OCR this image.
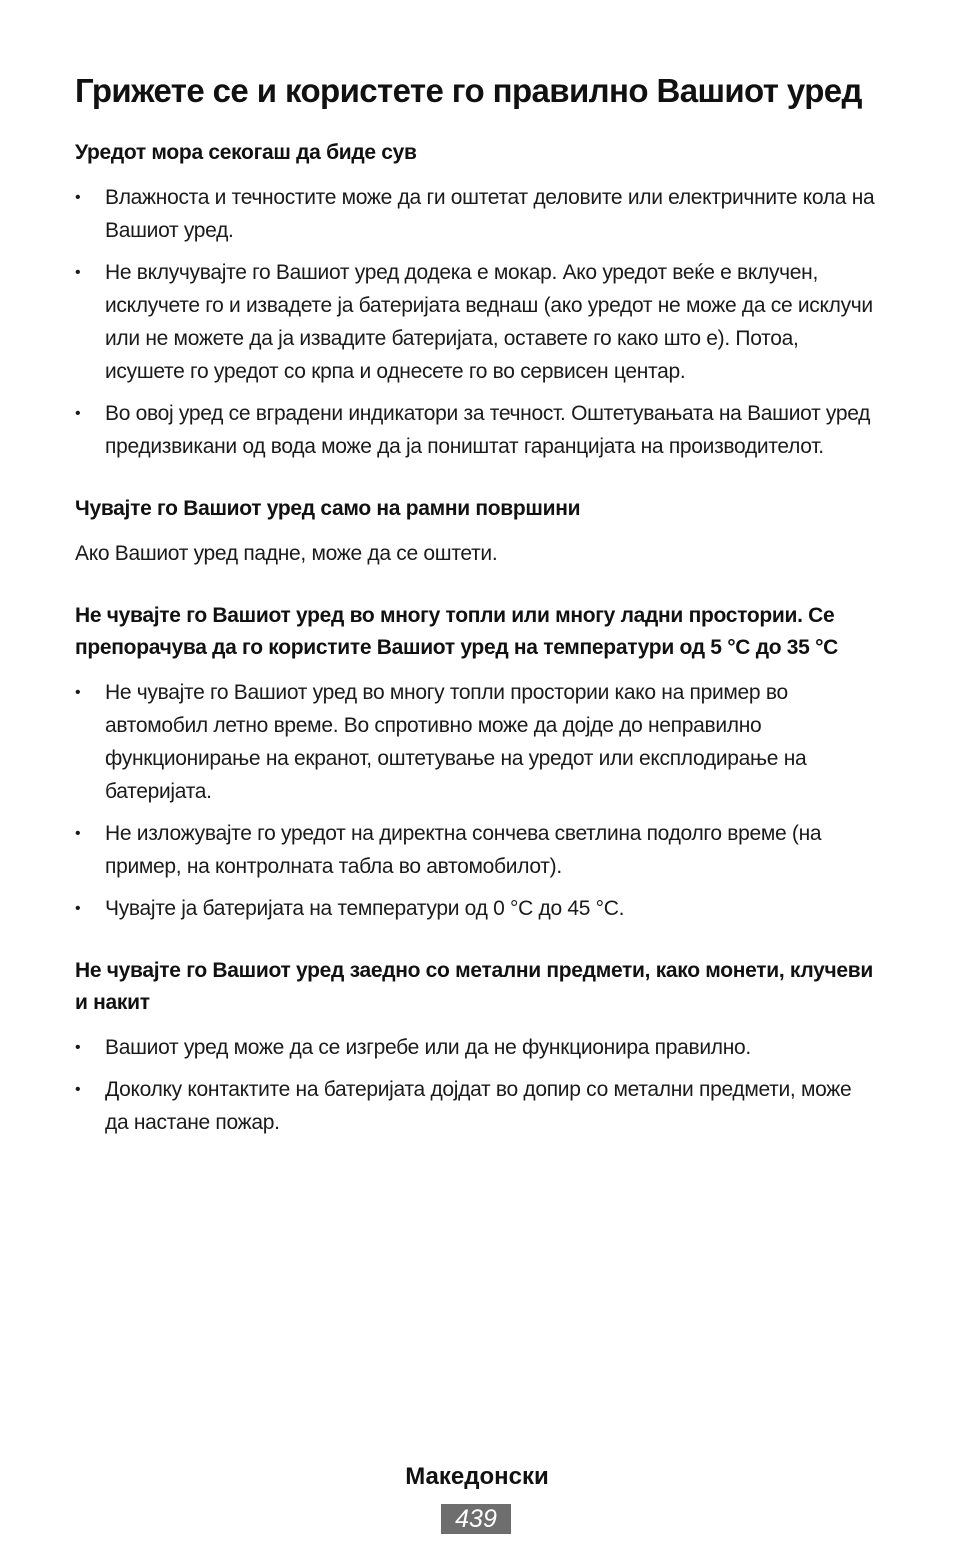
Грижете се и користете го правилно Вашиот уред
Уредот мора секогаш да биде сув
• Влажноста и течностите може да ги оштетат деловите или електричните кола на Вашиот уред.
• Не вклучувајте го Вашиот уред додека е мокар. Ако уредот веќе е вклучен, исклучете го и извадете ја батеријата веднаш (ако уредот не може да се исклучи или не можете да ја извадите батеријата, оставете го како што е). Потоа, исушете го уредот со крпа и однесете го во сервисен центар.
• Во овој уред се вградени индикатори за течност. Оштетувањата на Вашиот уред предизвикани од вода може да ја поништат гаранцијата на производителот.
Чувајте го Вашиот уред само на рамни површини

Ако Вашиот уред падне, може да се оштети.

Не чувајте го Вашиот уред во многу топли или многу ладни простории. Се препорачува да го користите Вашиот уред на температури од 5 °C до 35 °C
• Не чувајте го Вашиот уред во многу топли простории како на пример во автомобил летно време. Во спротивно може да дојде до неправилно функционирање на екранот, оштетување на уредот или експлодирање на батеријата.
• Не изложувајте го уредот на директна сончева светлина подолго време (на пример, на контролната табла во автомобилот).
• Чувајте ја батеријата на температури од 0 °C до 45 °C.
Не чувајте го Вашиот уред заедно со метални предмети, како монети, клучеви и накит
• Вашиот уред може да се изгребе или да не функционира правилно.
• Доколку контактите на батеријата дојдат во допир со метални предмети, може да настане пожар.
Македонски
439
